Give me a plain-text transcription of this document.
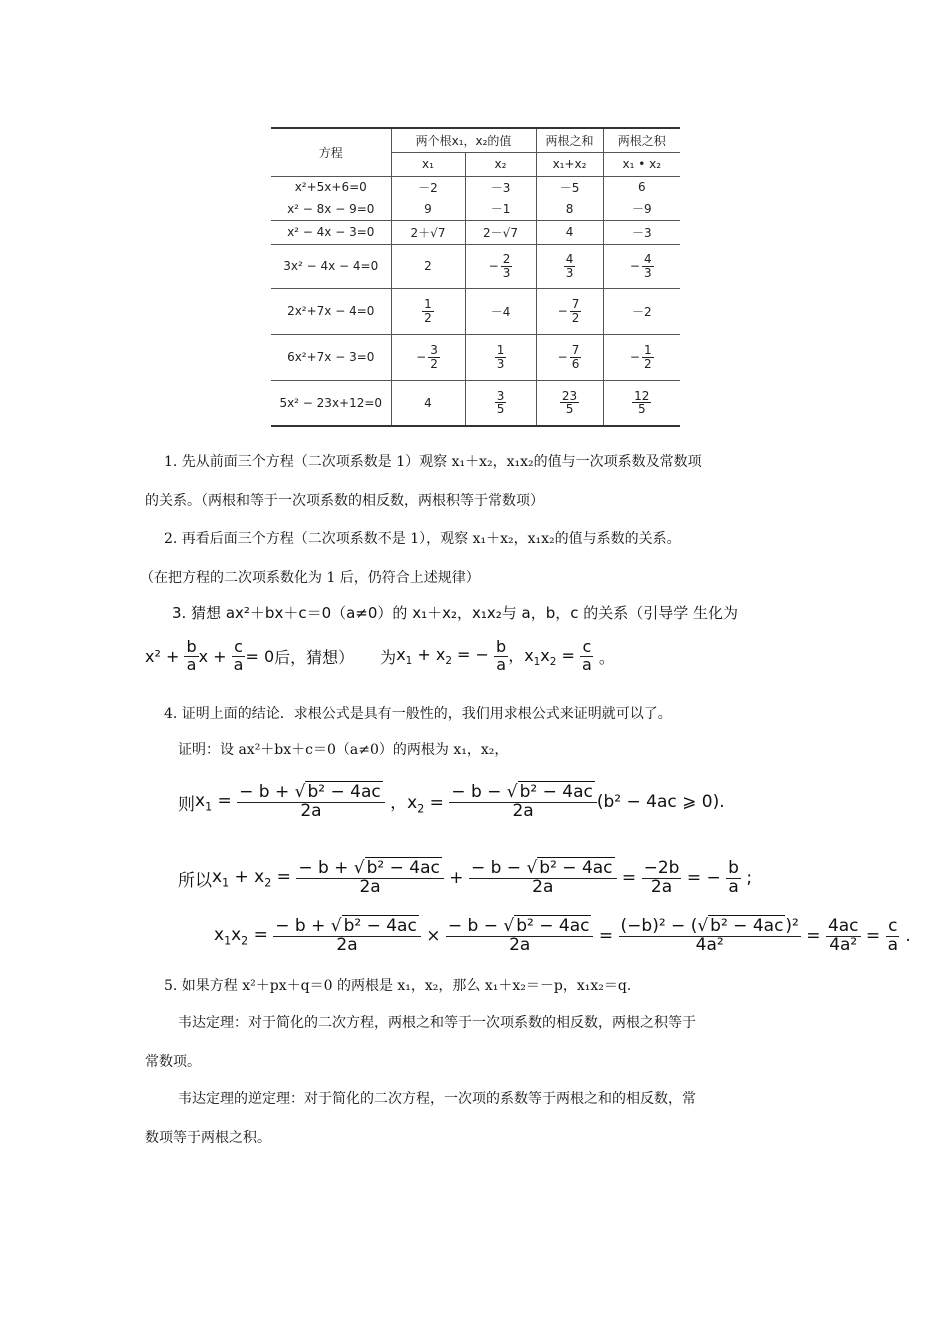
方程	两个根x₁，x₂的值		两根之和	两根之积
	x₁	x₂	x₁+x₂	x₁ • x₂
x²+5x+6=0	－2	－3	－5	6
x² − 8x − 9=0	9	－1	8	－9
x² − 4x − 3=0	2＋√7	2－√7	4	－3
3x² − 4x − 4=0	2	− $\frac{2}{3}$	$\frac{4}{3}$	− $\frac{4}{3}$

2x²+7x − 4=0	$\frac{1}{2}$	－4	− $\frac{7}{2}$	－2
6x²+7x − 3=0	− $\frac{3}{2}$	$\frac{1}{3}$	− $\frac{7}{6}$	− $\frac{1}{2}$

5x² − 23x+12=0	4	$\frac{3}{5}$	$\frac{23}{5}$	$\frac{12}{5}$
1. 先从前面三个方程（二次项系数是 1）观察 x₁＋x₂，x₁x₂的值与一次项系数及常数项
的关系。（两根和等于一次项系数的相反数，两根积等于常数项）
2. 再看后面三个方程（二次项系数不是 1），观察 x₁＋x₂，x₁x₂的值与系数的关系。
（在把方程的二次项系数化为 1 后，仍符合上述规律）
3. 猜想 ax²＋bx＋c＝0（a≠0）的 x₁＋x₂，x₁x₂与 a，b，c 的关系（引导学 生化为
$x^2 + \frac{b}{a}$ $x + \frac{c}{a} = 0$ 后，猜想） 为 $x_1 + x_2$ = − $\frac{b}{a}$ ，$x_1x_2 = \frac{c}{a}$ 。
4. 证明上面的结论．求根公式是具有一般性的，我们用求根公式来证明就可以了。
证明：设 ax²＋bx＋c＝0（a≠0）的两根为 x₁，x₂，
则 $x_1 = \frac{\text{− b + √ b² − 4ac}}{2a}$ ，$x_2 = \frac{\text{− b − √ b² − 4ac}}{2a} (b^2 - 4ac$ ⩾ 0).
所以 $x_1 + x_2 = \frac{\text{− b + √ b² − 4ac}}{2a} + \frac{\text{− b − √ b² − 4ac}}{2a} = \frac{-2b}{2a}$ = − $\frac{b}{a}$ ;
$x_1x_2 = \frac{\text{− b + √ b² − 4ac}}{2a} \times \frac{\text{− b − √ b² − 4ac}}{2a} = \frac{\text{(−b)² − (√ b² − 4ac )²}}{\text{4a²}} = \frac{4ac}{\text{4a²}} = \frac{c}{a}$ .
5. 如果方程 x²＋px＋q＝0 的两根是 x₁，x₂，那么 x₁＋x₂＝－p，x₁x₂＝q.
韦达定理：对于简化的二次方程，两根之和等于一次项系数的相反数，两根之积等于
常数项。
韦达定理的逆定理：对于简化的二次方程，一次项的系数等于两根之和的相反数，常
数项等于两根之积。
